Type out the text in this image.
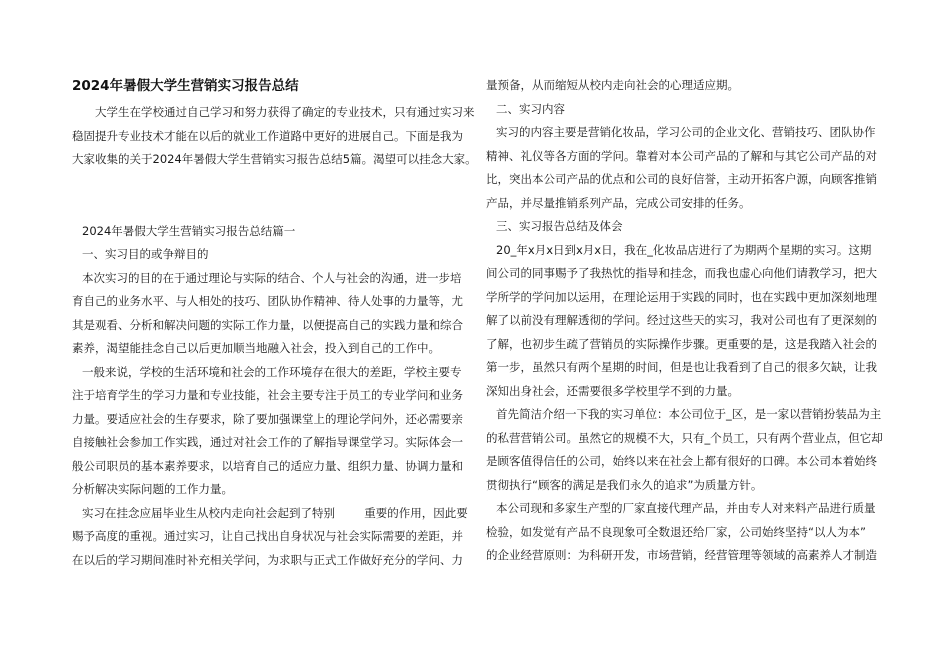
2024年暑假大学生营销实习报告总结

大学生在学校通过自己学习和努力获得了确定的专业技术，只有通过实习来

稳固提升专业技术才能在以后的就业工作道路中更好的进展自己。下面是我为

大家收集的关于2024年暑假大学生营销实习报告总结5篇。渴望可以挂念大家。

2024年暑假大学生营销实习报告总结篇一

一、实习目的或争辩目的

本次实习的目的在于通过理论与实际的结合、个人与社会的沟通，进一步培

育自己的业务水平、与人相处的技巧、团队协作精神、待人处事的力量等，尤

其是观看、分析和解决问题的实际工作力量，以便提高自己的实践力量和综合

素养，渴望能挂念自己以后更加顺当地融入社会，投入到自己的工作中。

一般来说，学校的生活环境和社会的工作环境存在很大的差距，学校主要专

注于培育学生的学习力量和专业技能，社会主要专注于员工的专业学问和业务

力量。要适应社会的生存要求，除了要加强课堂上的理论学问外，还必需要亲

自接触社会参加工作实践，通过对社会工作的了解指导课堂学习。实际体会一

般公司职员的基本素养要求，以培育自己的适应力量、组织力量、协调力量和

分析解决实际问题的工作力量。

实习在挂念应届毕业生从校内走向社会起到了特别        重要的作用，因此要

赐予高度的重视。通过实习，让自己找出自身状况与社会实际需要的差距，并

在以后的学习期间准时补充相关学问，为求职与正式工作做好充分的学问、力

量预备，从而缩短从校内走向社会的心理适应期。

二、实习内容

实习的内容主要是营销化妆品，学习公司的企业文化、营销技巧、团队协作

精神、礼仪等各方面的学问。靠着对本公司产品的了解和与其它公司产品的对

比，突出本公司产品的优点和公司的良好信誉，主动开拓客户源，向顾客推销

产品，并尽量推销系列产品，完成公司安排的任务。

三、实习报告总结及体会

20_年x月x日到x月x日，我在_化妆品店进行了为期两个星期的实习。这期

间公司的同事赐予了我热忱的指导和挂念，而我也虚心向他们请教学习，把大

学所学的学问加以运用，在理论运用于实践的同时，也在实践中更加深刻地理

解了以前没有理解透彻的学问。经过这些天的实习，我对公司也有了更深刻的

了解，也初步生疏了营销员的实际操作步骤。更重要的是，这是我踏入社会的

第一步，虽然只有两个星期的时间，但是也让我看到了自己的很多欠缺，让我

深知出身社会，还需要很多学校里学不到的力量。

首先简洁介绍一下我的实习单位：本公司位于_区，是一家以营销扮装品为主

的私营营销公司。虽然它的规模不大，只有_个员工，只有两个营业点，但它却

是顾客值得信任的公司，始终以来在社会上都有很好的口碑。本公司本着始终

贯彻执行“顾客的满足是我们永久的追求”为质量方针。

本公司现和多家生产型的厂家直接代理产品，并由专人对来料产品进行质量

检验，如发觉有产品不良现象可全数退还给厂家，公司始终坚持“以人为本”

的企业经营原则：为科研开发，市场营销，经营管理等领域的高素养人才制造
